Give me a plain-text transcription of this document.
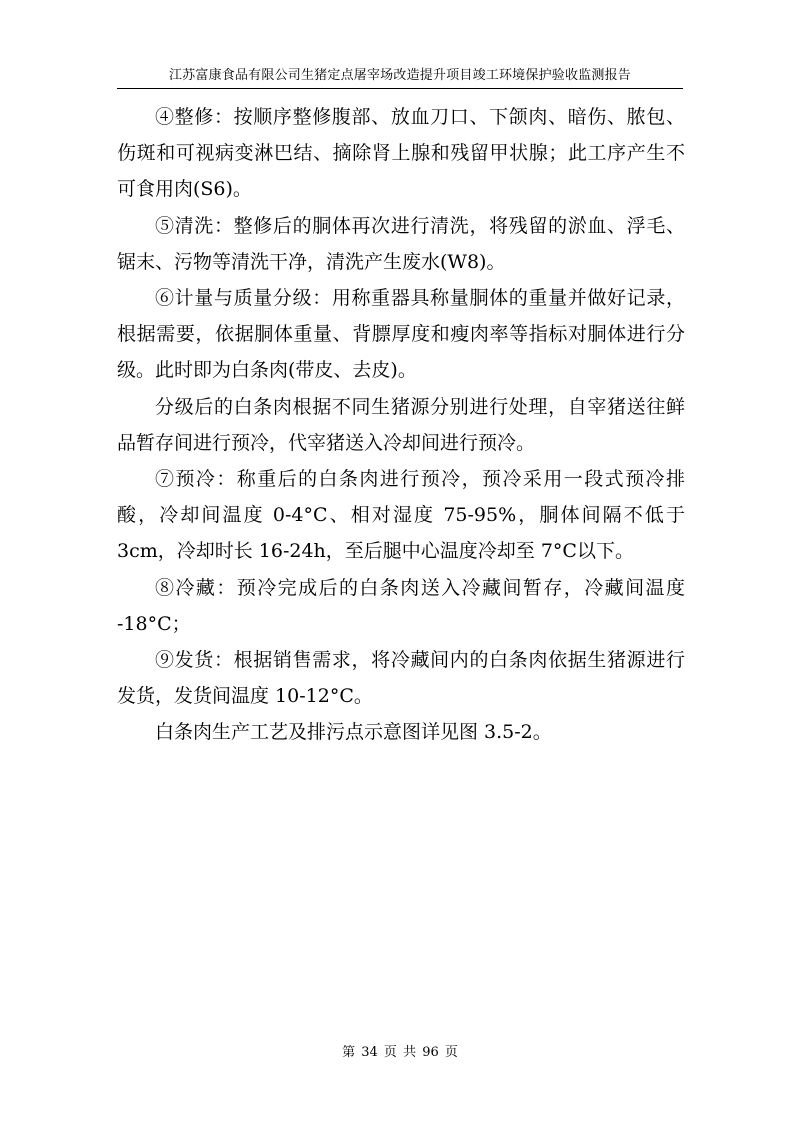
江苏富康食品有限公司生猪定点屠宰场改造提升项目竣工环境保护验收监测报告

④整修：按顺序整修腹部、放血刀口、下颌肉、暗伤、脓包、伤斑和可视病变淋巴结、摘除肾上腺和残留甲状腺；此工序产生不可食用肉(S6)。

⑤清洗：整修后的胴体再次进行清洗，将残留的淤血、浮毛、锯末、污物等清洗干净，清洗产生废水(W8)。

⑥计量与质量分级：用称重器具称量胴体的重量并做好记录，根据需要，依据胴体重量、背膘厚度和瘦肉率等指标对胴体进行分级。此时即为白条肉(带皮、去皮)。

分级后的白条肉根据不同生猪源分别进行处理，自宰猪送往鲜品暂存间进行预冷，代宰猪送入冷却间进行预冷。

⑦预冷：称重后的白条肉进行预冷，预冷采用一段式预冷排酸，冷却间温度 0-4°C、相对湿度 75-95%，胴体间隔不低于 3cm，冷却时长 16-24h，至后腿中心温度冷却至 7°C以下。

⑧冷藏：预冷完成后的白条肉送入冷藏间暂存，冷藏间温度 -18°C；

⑨发货：根据销售需求，将冷藏间内的白条肉依据生猪源进行发货，发货间温度 10-12°C。

白条肉生产工艺及排污点示意图详见图 3.5-2。

第 34 页 共 96 页
